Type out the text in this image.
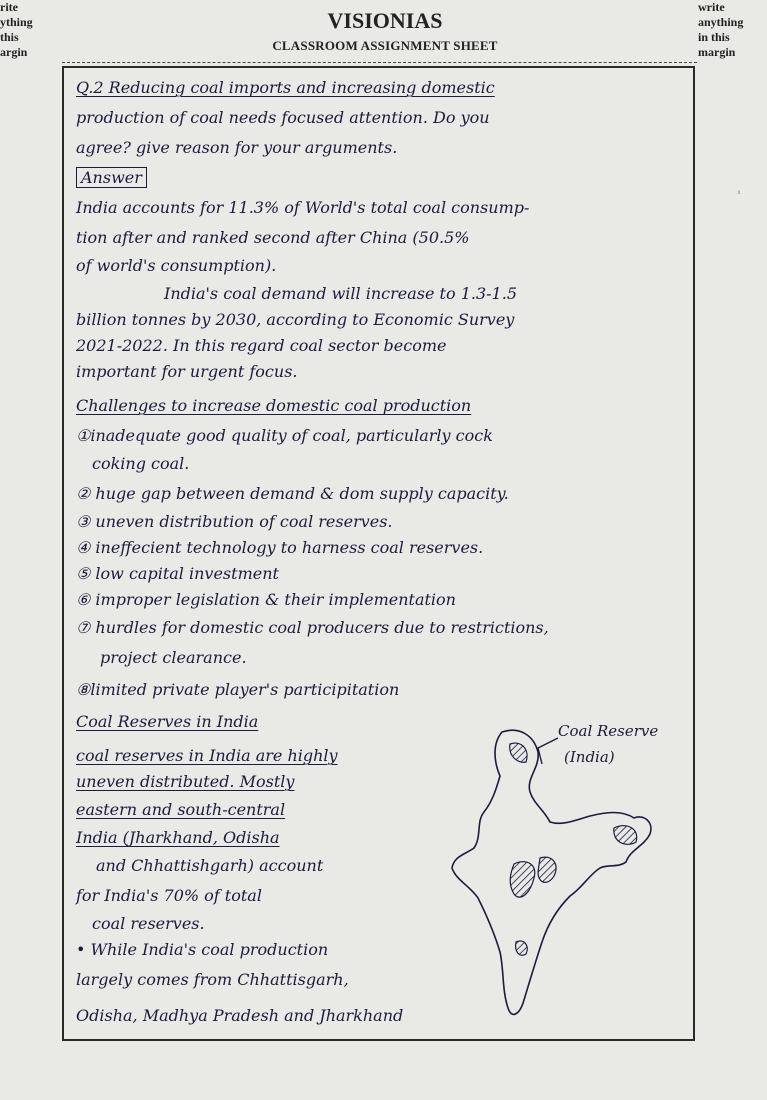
rite
ything
this
argin
write
anything
in this
margin
VISIONIAS
CLASSROOM ASSIGNMENT SHEET
Q.2 Reducing coal imports and increasing domestic
production of coal needs focused attention. Do you
agree? give reason for your arguments.
Answer
India accounts for 11.3% of World's total coal consump-
tion after and ranked second after China (50.5%
of world's consumption).
India's coal demand will increase to 1.3-1.5
billion tonnes by 2030, according to Economic Survey
2021-2022. In this regard coal sector become
important for urgent focus.
Challenges to increase domestic coal production
①inadequate good quality of coal, particularly cock
coking coal.
② huge gap between demand & dom supply capacity.
③ uneven distribution of coal reserves.
④ ineffecient technology to harness coal reserves.
⑤ low capital investment
⑥ improper legislation & their implementation
⑦ hurdles for domestic coal producers due to restrictions,
project clearance.
⑧limited private player's participitation
Coal Reserves in India
coal reserves in India are highly
uneven distributed. Mostly
eastern and south-central
India (Jharkhand, Odisha
and Chhattishgarh) account
for India's 70% of total
coal reserves.
• While India's coal production
largely comes from Chhattisgarh,
Odisha, Madhya Pradesh and Jharkhand
Coal Reserve
(India)
ᵢ
